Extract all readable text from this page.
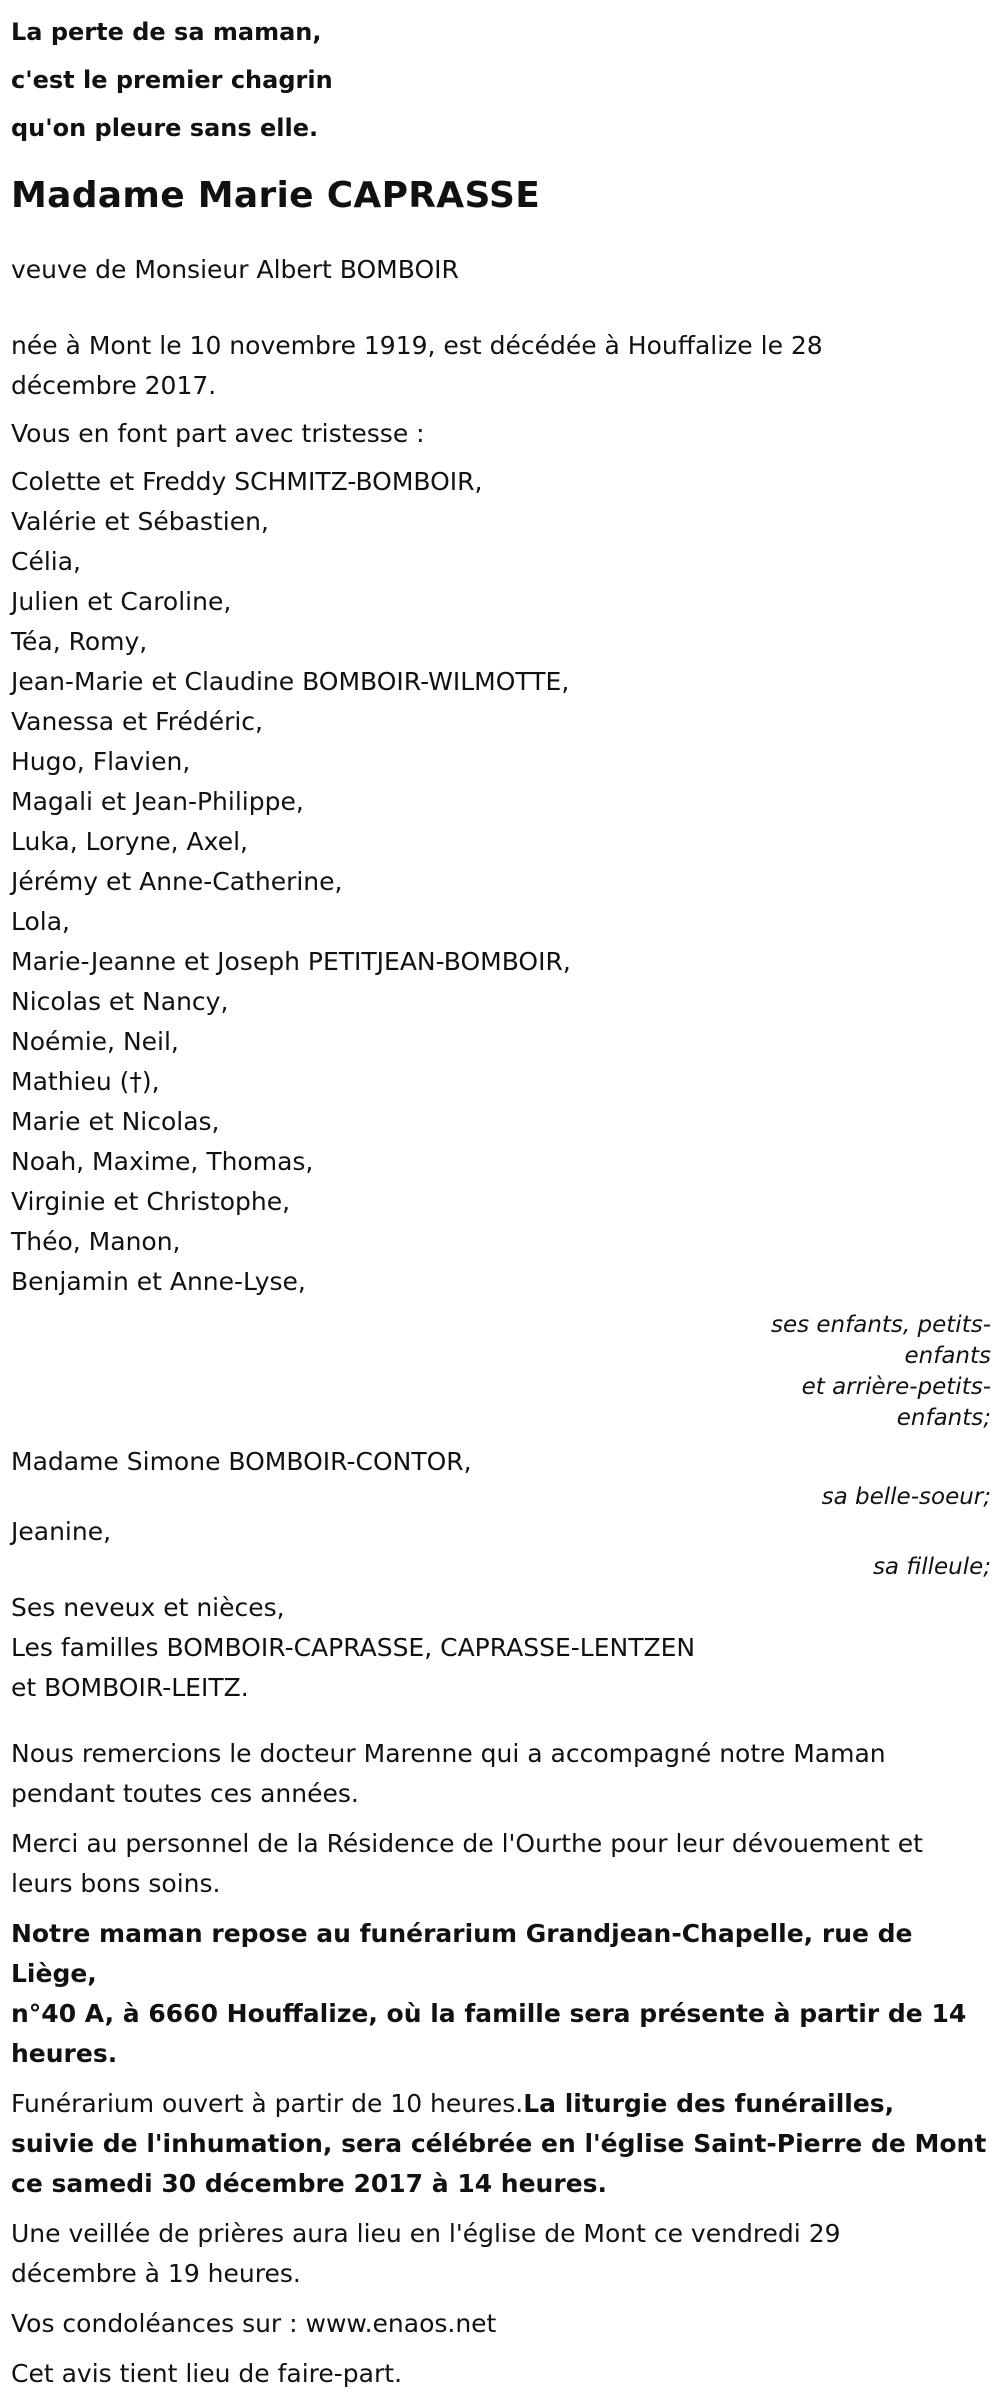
La perte de sa maman,
c'est le premier chagrin
qu'on pleure sans elle.
Madame Marie CAPRASSE
veuve de Monsieur Albert BOMBOIR
née à Mont le 10 novembre 1919, est décédée à Houffalize le 28
décembre 2017.
Vous en font part avec tristesse :
Colette et Freddy SCHMITZ-BOMBOIR,
Valérie et Sébastien,
Célia,
Julien et Caroline,
Téa, Romy,
Jean-Marie et Claudine BOMBOIR-WILMOTTE,
Vanessa et Frédéric,
Hugo, Flavien,
Magali et Jean-Philippe,
Luka, Loryne, Axel,
Jérémy et Anne-Catherine,
Lola,
Marie-Jeanne et Joseph PETITJEAN-BOMBOIR,
Nicolas et Nancy,
Noémie, Neil,
Mathieu (†),
Marie et Nicolas,
Noah, Maxime, Thomas,
Virginie et Christophe,
Théo, Manon,
Benjamin et Anne-Lyse,
ses enfants, petits-
enfants
et arrière-petits-
enfants;
Madame Simone BOMBOIR-CONTOR,
sa belle-soeur;
Jeanine,
sa filleule;
Ses neveux et nièces,
Les familles BOMBOIR-CAPRASSE, CAPRASSE-LENTZEN
et BOMBOIR-LEITZ.
Nous remercions le docteur Marenne qui a accompagné notre Maman
pendant toutes ces années.
Merci au personnel de la Résidence de l'Ourthe pour leur dévouement et
leurs bons soins.
Notre maman repose au funérarium Grandjean-Chapelle, rue de Liège,
n°40 A, à 6660 Houffalize, où la famille sera présente à partir de 14
heures.
Funérarium ouvert à partir de 10 heures.La liturgie des funérailles,
suivie de l'inhumation, sera célébrée en l'église Saint-Pierre de Mont
ce samedi 30 décembre 2017 à 14 heures.
Une veillée de prières aura lieu en l'église de Mont ce vendredi 29
décembre à 19 heures.
Vos condoléances sur : www.enaos.net
Cet avis tient lieu de faire-part.
